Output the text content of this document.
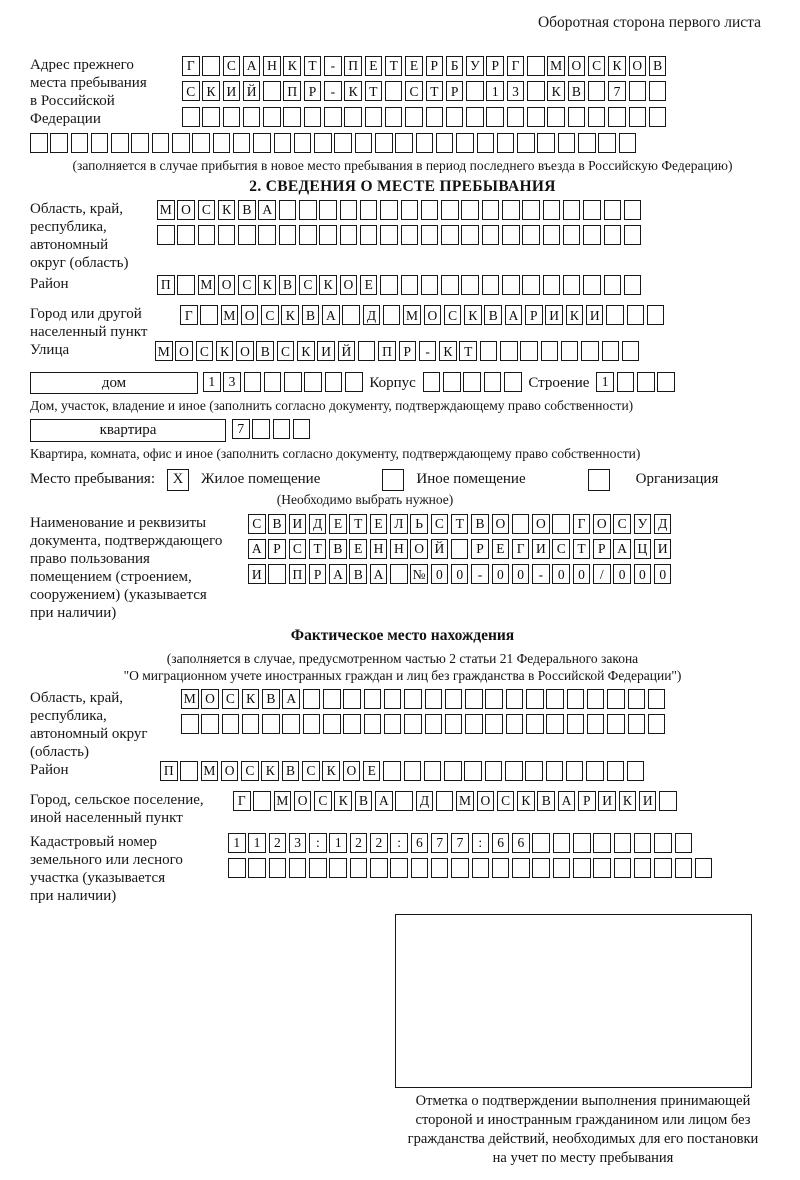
Оборотная сторона первого листа
Адрес прежнего
места пребывания
в Российской
Федерации
Г	С А Н К Т	- П Е Т Е Р Б У Р Г	М О С К О В
С К И Й П Р	-	К Т	С Т Р	1	3	К В	7
(заполняется в случае прибытия в новое место пребывания в период последнего въезда в Российскую Федерацию)
2. СВЕДЕНИЯ О МЕСТЕ ПРЕБЫВАНИЯ
Область, край,
республика,
автономный
округ (область)
М О С К В А
Район	П М О С К В С К О Е
Город или другой
населенный пункт
Г	М О С К В А	Д	М О С К В А Р И К И
Улица	М О С К О В С К И Й П Р	-	К Т
дом	1	3	Корпус	Строение 1
Дом, участок, владение и иное (заполнить согласно документу, подтверждающему право собственности)
квартира	7
Квартира, комната, офис и иное (заполнить согласно документу, подтверждающему право собственности)
Место пребывания:	X	Жилое помещение	Иное помещение	Организация
(Необходимо выбрать нужное)
Наименование и реквизиты
документа, подтверждающего
право пользования
помещением (строением,
сооружением) (указывается
при наличии)
С В И Д Е Т Е Л Ь С Т В О О	Г О С У Д
А Р С Т В Е Н Н О Й	Р Е Г И С Т Р А Ц И
И П Р А В А № 0	0	-	0	0	-	0	0	/	0	0	0
Фактическое место нахождения
(заполняется в случае, предусмотренном частью 2 статьи 21 Федерального закона
"О миграционном учете иностранных граждан и лиц без гражданства в Российской Федерации")
Область, край,
республика,
автономный округ
(область)
М О С К В А
Район	П М О С К В С К О Е
Город, сельское поселение,
иной населенный пункт
Г	М О С К В А	Д	М О С К В А Р И К И
Кадастровый номер
земельного или лесного
участка (указывается
при наличии)
1	1	2	3	:	1	2	2	:	6	7	7	:	6	6
Отметка о подтверждении выполнения принимающей
стороной и иностранным гражданином или лицом без
гражданства действий, необходимых для его постановки
на учет по месту пребывания
